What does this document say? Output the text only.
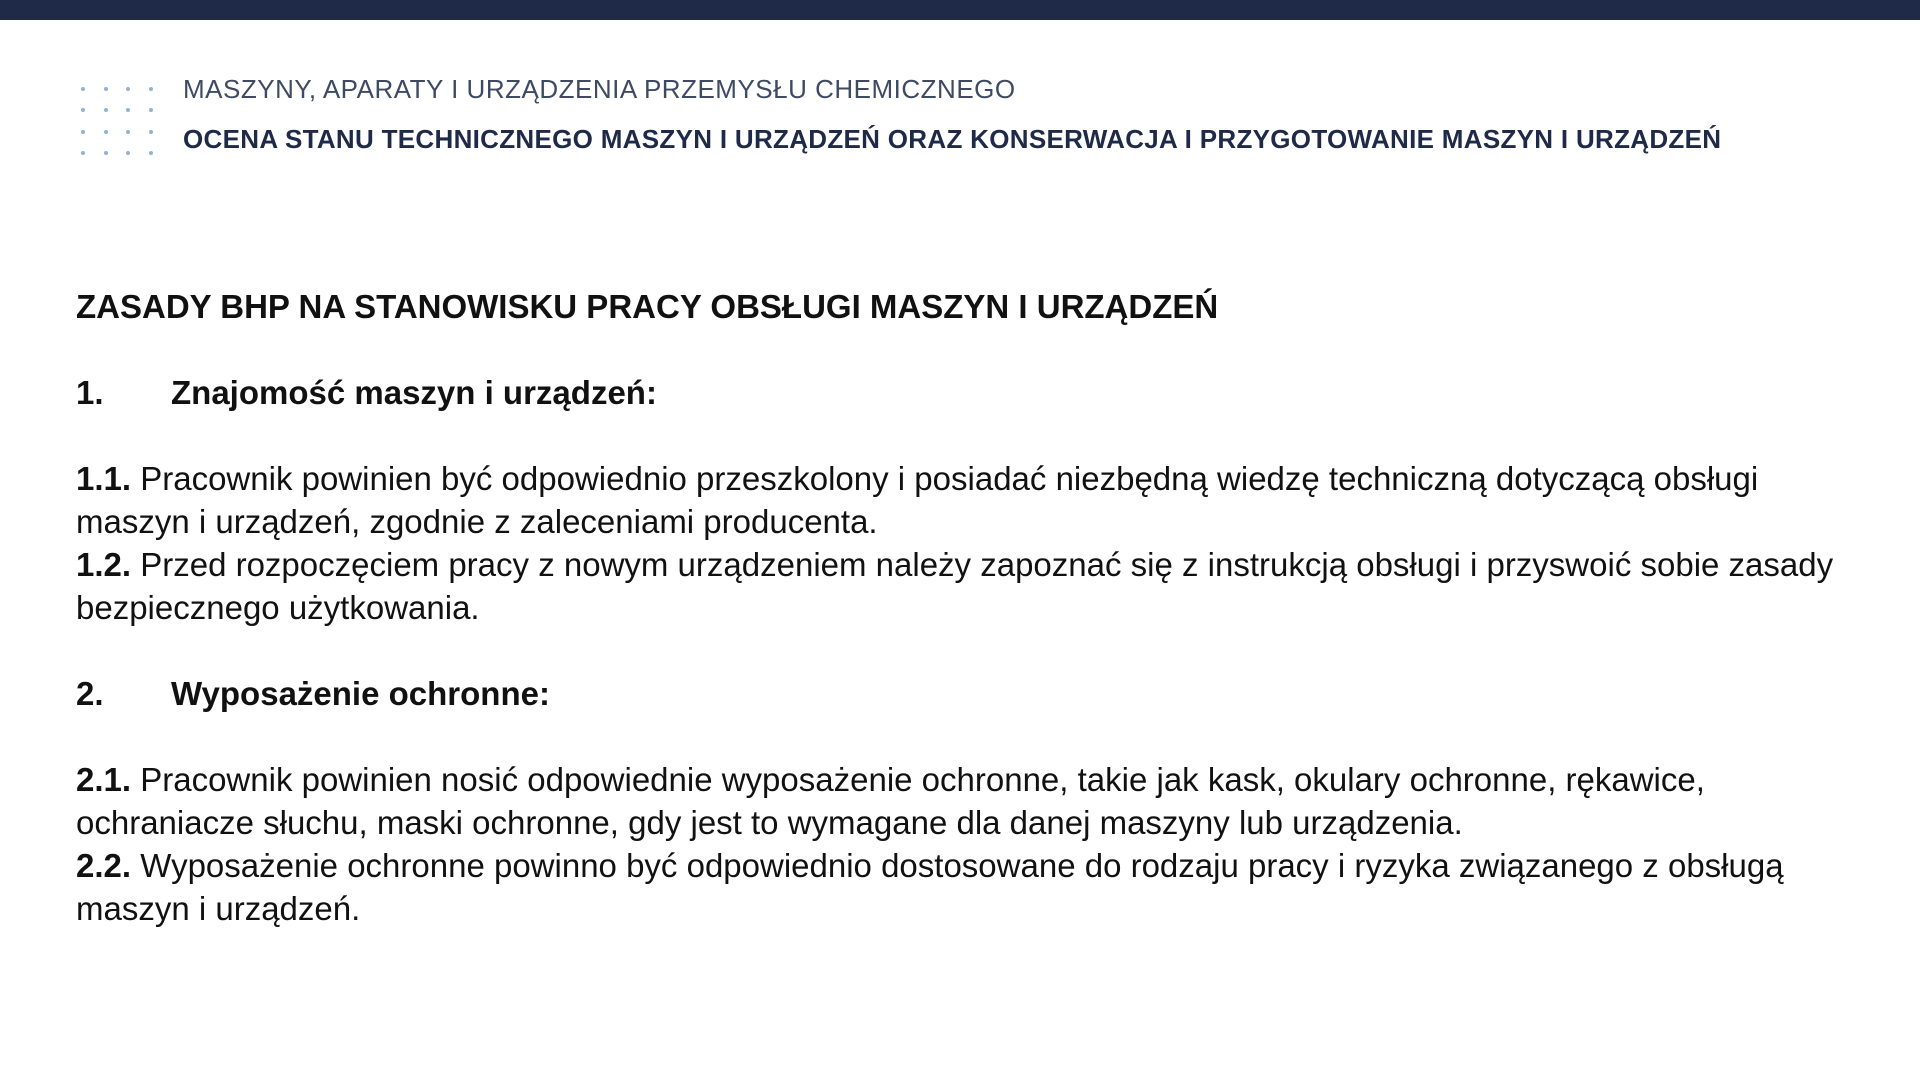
MASZYNY, APARATY I URZĄDZENIA PRZEMYSŁU CHEMICZNEGO
OCENA STANU TECHNICZNEGO MASZYN I URZĄDZEŃ ORAZ KONSERWACJA I PRZYGOTOWANIE MASZYN I URZĄDZEŃ
ZASADY BHP NA STANOWISKU PRACY OBSŁUGI MASZYN I URZĄDZEŃ
1.	Znajomość maszyn i urządzeń:

1.1. Pracownik powinien być odpowiednio przeszkolony i posiadać niezbędną wiedzę techniczną dotyczącą obsługi maszyn i urządzeń, zgodnie z zaleceniami producenta.

1.2. Przed rozpoczęciem pracy z nowym urządzeniem należy zapoznać się z instrukcją obsługi i przyswoić sobie zasady bezpiecznego użytkowania.

2.	Wyposażenie ochronne:

2.1. Pracownik powinien nosić odpowiednie wyposażenie ochronne, takie jak kask, okulary ochronne, rękawice, ochraniacze słuchu, maski ochronne, gdy jest to wymagane dla danej maszyny lub urządzenia.

2.2. Wyposażenie ochronne powinno być odpowiednio dostosowane do rodzaju pracy i ryzyka związanego z obsługą maszyn i urządzeń.
